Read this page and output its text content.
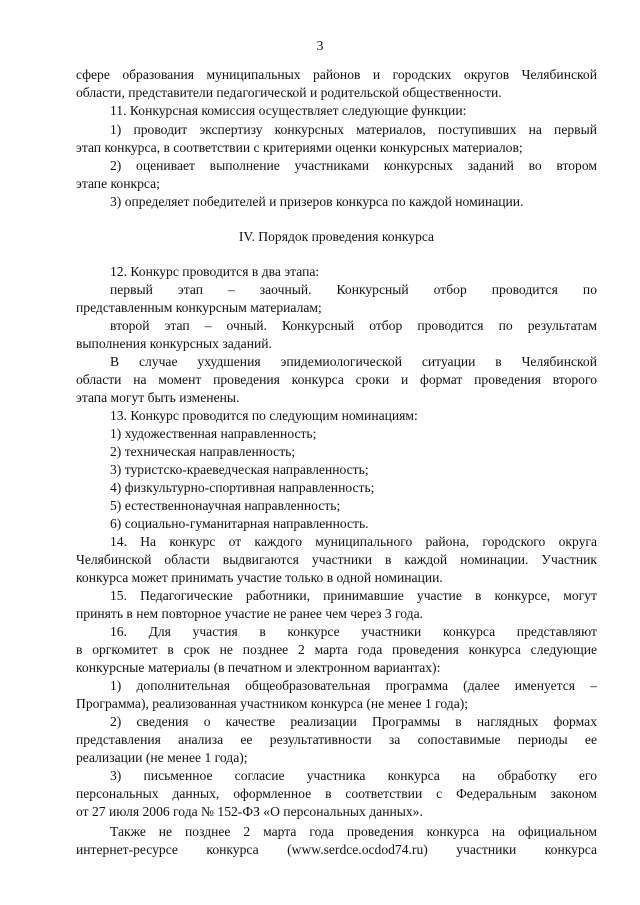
3
сфере образования муниципальных районов и городских округов Челябинской
области, представители педагогической и родительской общественности.
11. Конкурсная комиссия осуществляет следующие функции:
1) проводит экспертизу конкурсных материалов, поступивших на первый
этап конкурса, в соответствии с критериями оценки конкурсных материалов;
2) оценивает выполнение участниками конкурсных заданий во втором
этапе конкрса;
3) определяет победителей и призеров конкурса по каждой номинации.
IV. Порядок проведения конкурса
12. Конкурс проводится в два этапа:
первый этап – заочный. Конкурсный отбор проводится по
представленным конкурсным материалам;
второй этап – очный. Конкурсный отбор проводится по результатам
выполнения конкурсных заданий.
В случае ухудшения эпидемиологической ситуации в Челябинской
области на момент проведения конкурса сроки и формат проведения второго
этапа могут быть изменены.
13. Конкурс проводится по следующим номинациям:
1) художественная направленность;
2) техническая направленность;
3) туристско-краеведческая направленность;
4) физкультурно-спортивная направленность;
5) естественнонаучная направленность;
6) социально-гуманитарная направленность.
14. На конкурс от каждого муниципального района, городского округа
Челябинской области выдвигаются участники в каждой номинации. Участник
конкурса может принимать участие только в одной номинации.
15. Педагогические работники, принимавшие участие в конкурсе, могут
принять в нем повторное участие не ранее чем через 3 года.
16. Для участия в конкурсе участники конкурса представляют
в оргкомитет в срок не позднее 2 марта года проведения конкурса следующие
конкурсные материалы (в печатном и электронном вариантах):
1) дополнительная общеобразовательная программа (далее именуется –
Программа), реализованная участником конкурса (не менее 1 года);
2) сведения о качестве реализации Программы в наглядных формах
представления анализа ее результативности за сопоставимые периоды ее
реализации (не менее 1 года);
3) письменное согласие участника конкурса на обработку его
персональных данных, оформленное в соответствии с Федеральным законом
от 27 июля 2006 года № 152-ФЗ «О персональных данных».
Также не позднее 2 марта года проведения конкурса на официальном
интернет-ресурсе конкурса (www.serdce.ocdod74.ru) участники конкурса
